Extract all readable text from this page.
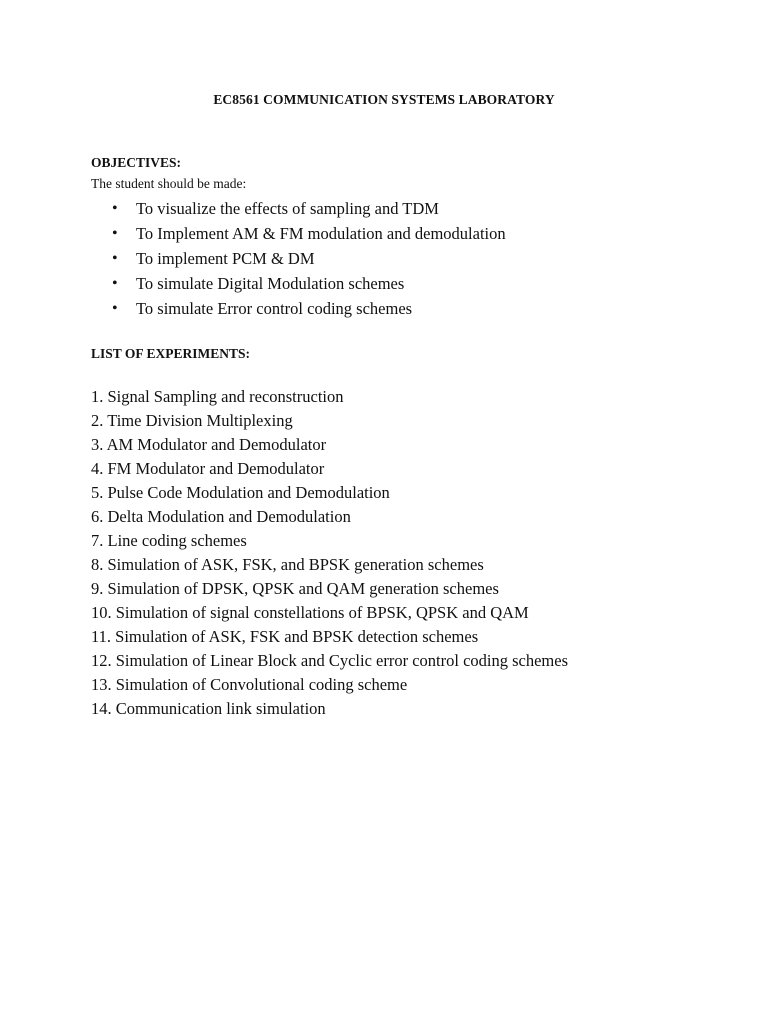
EC8561 COMMUNICATION SYSTEMS LABORATORY
OBJECTIVES:
The student should be made:
• To visualize the effects of sampling and TDM
• To Implement AM & FM modulation and demodulation
• To implement PCM & DM
• To simulate Digital Modulation schemes
• To simulate Error control coding schemes
LIST OF EXPERIMENTS:
1. Signal Sampling and reconstruction
2. Time Division Multiplexing
3. AM Modulator and Demodulator
4. FM Modulator and Demodulator
5. Pulse Code Modulation and Demodulation
6. Delta Modulation and Demodulation
7. Line coding schemes
8. Simulation of ASK, FSK, and BPSK generation schemes
9. Simulation of DPSK, QPSK and QAM generation schemes
10. Simulation of signal constellations of BPSK, QPSK and QAM
11. Simulation of ASK, FSK and BPSK detection schemes
12. Simulation of Linear Block and Cyclic error control coding schemes
13. Simulation of Convolutional coding scheme
14. Communication link simulation
